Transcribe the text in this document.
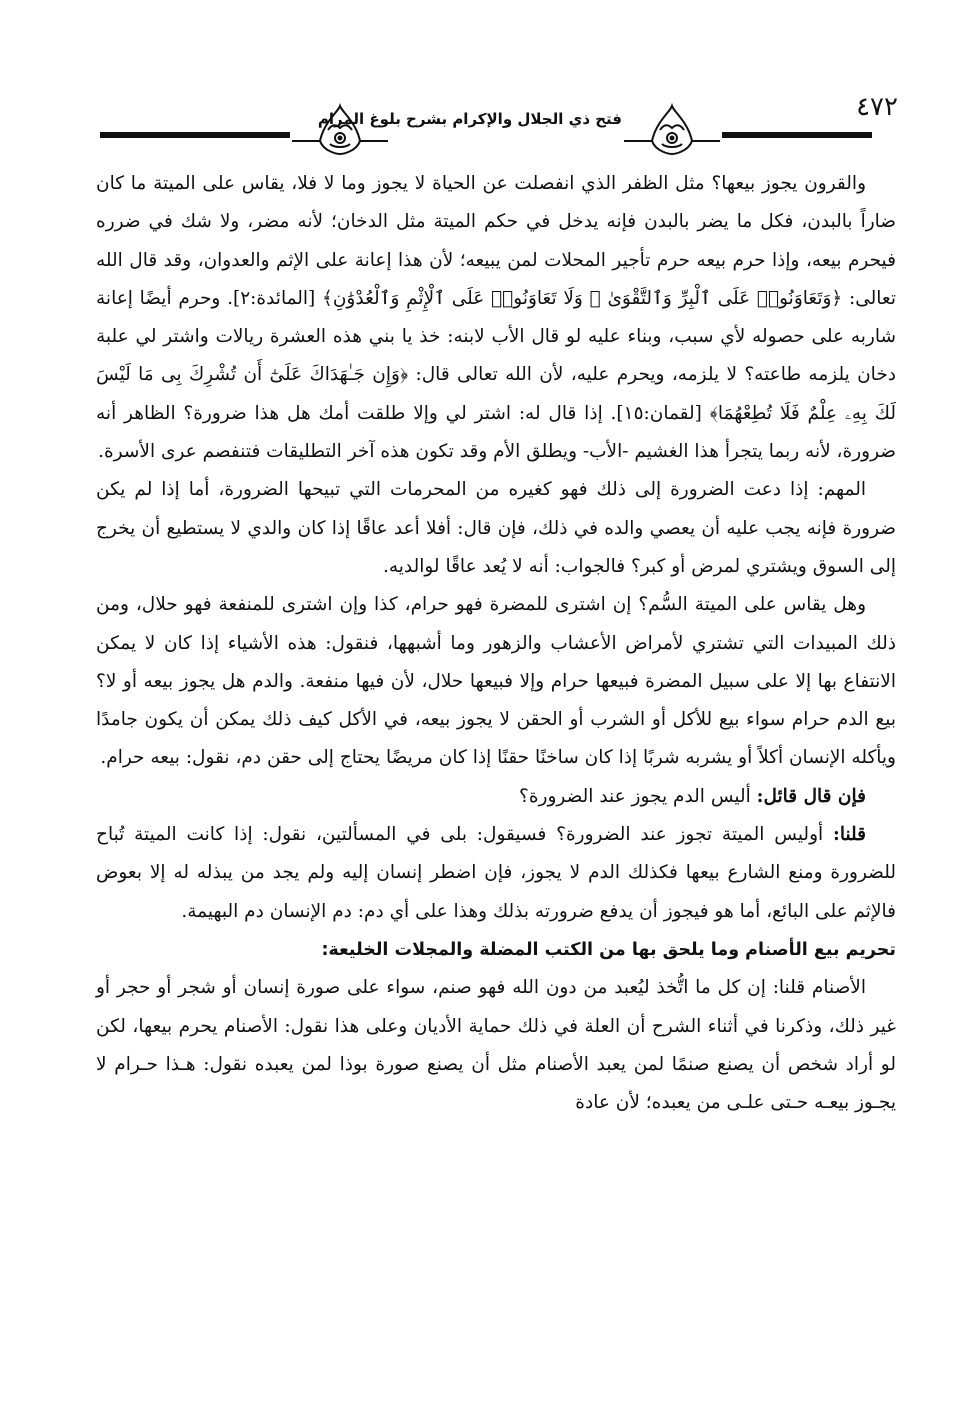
فتح ذي الجلال والإكرام بشرح بلوغ المرام	٤٧٢

والقرون يجوز بيعها؟ مثل الظفر الذي انفصلت عن الحياة لا يجوز وما لا فلا، يقاس على الميتة ما كان ضاراً بالبدن، فكل ما يضر بالبدن فإنه يدخل في حكم الميتة مثل الدخان؛ لأنه مضر، ولا شك في ضرره فيحرم بيعه، وإذا حرم بيعه حرم تأجير المحلات لمن يبيعه؛ لأن هذا إعانة على الإثم والعدوان، وقد قال الله تعالى: ﴿وَتَعَاوَنُوا۟ عَلَى ٱلْبِرِّ وَٱلتَّقْوَىٰ ۖ وَلَا تَعَاوَنُوا۟ عَلَى ٱلْإِثْمِ وَٱلْعُدْوَٰنِ﴾ [المائدة:٢]. وحرم أيضًا إعانة شاربه على حصوله لأي سبب، وبناء عليه لو قال الأب لابنه: خذ يا بني هذه العشرة ريالات واشتر لي علبة دخان يلزمه طاعته؟ لا يلزمه، ويحرم عليه، لأن الله تعالى قال: ﴿وَإِن جَـٰهَدَاكَ عَلَىٰٓ أَن تُشْرِكَ بِى مَا لَيْسَ لَكَ بِهِۦ عِلْمٌ فَلَا تُطِعْهُمَا﴾ [لقمان:١٥]. إذا قال له: اشتر لي وإلا طلقت أمك هل هذا ضرورة؟ الظاهر أنه ضرورة، لأنه ربما يتجرأ هذا الغشيم -الأب- ويطلق الأم وقد تكون هذه آخر التطليقات فتنفصم عرى الأسرة.

المهم: إذا دعت الضرورة إلى ذلك فهو كغيره من المحرمات التي تبيحها الضرورة، أما إذا لم يكن ضرورة فإنه يجب عليه أن يعصي والده في ذلك، فإن قال: أفلا أعد عاقًا إذا كان والدي لا يستطيع أن يخرج إلى السوق ويشتري لمرض أو كبر؟ فالجواب: أنه لا يُعد عاقًا لوالديه.

وهل يقاس على الميتة السُّم؟ إن اشترى للمضرة فهو حرام، كذا وإن اشترى للمنفعة فهو حلال، ومن ذلك المبيدات التي تشتري لأمراض الأعشاب والزهور وما أشبهها، فنقول: هذه الأشياء إذا كان لا يمكن الانتفاع بها إلا على سبيل المضرة فبيعها حرام وإلا فبيعها حلال، لأن فيها منفعة. والدم هل يجوز بيعه أو لا؟ بيع الدم حرام سواء بيع للأكل أو الشرب أو الحقن لا يجوز بيعه، في الأكل كيف ذلك يمكن أن يكون جامدًا ويأكله الإنسان أكلاً أو يشربه شربًا إذا كان ساخنًا حقنًا إذا كان مريضًا يحتاج إلى حقن دم، نقول: بيعه حرام.

فإن قال قائل: أليس الدم يجوز عند الضرورة؟

قلنا: أوليس الميتة تجوز عند الضرورة؟ فسيقول: بلى في المسألتين، نقول: إذا كانت الميتة تُباح للضرورة ومنع الشارع بيعها فكذلك الدم لا يجوز، فإن اضطر إنسان إليه ولم يجد من يبذله له إلا بعوض فالإثم على البائع، أما هو فيجوز أن يدفع ضرورته بذلك وهذا على أي دم: دم الإنسان دم البهيمة.

تحريم بيع الأصنام وما يلحق بها من الكتب المضلة والمجلات الخليعة:

الأصنام قلنا: إن كل ما اتُّخذ ليُعبد من دون الله فهو صنم، سواء على صورة إنسان أو شجر أو حجر أو غير ذلك، وذكرنا في أثناء الشرح أن العلة في ذلك حماية الأديان وعلى هذا نقول: الأصنام يحرم بيعها، لكن لو أراد شخص أن يصنع صنمًا لمن يعبد الأصنام مثل أن يصنع صورة بوذا لمن يعبده نقول: هـذا حـرام لا يجـوز بيعـه حـتى علـى من يعبده؛ لأن عادة
